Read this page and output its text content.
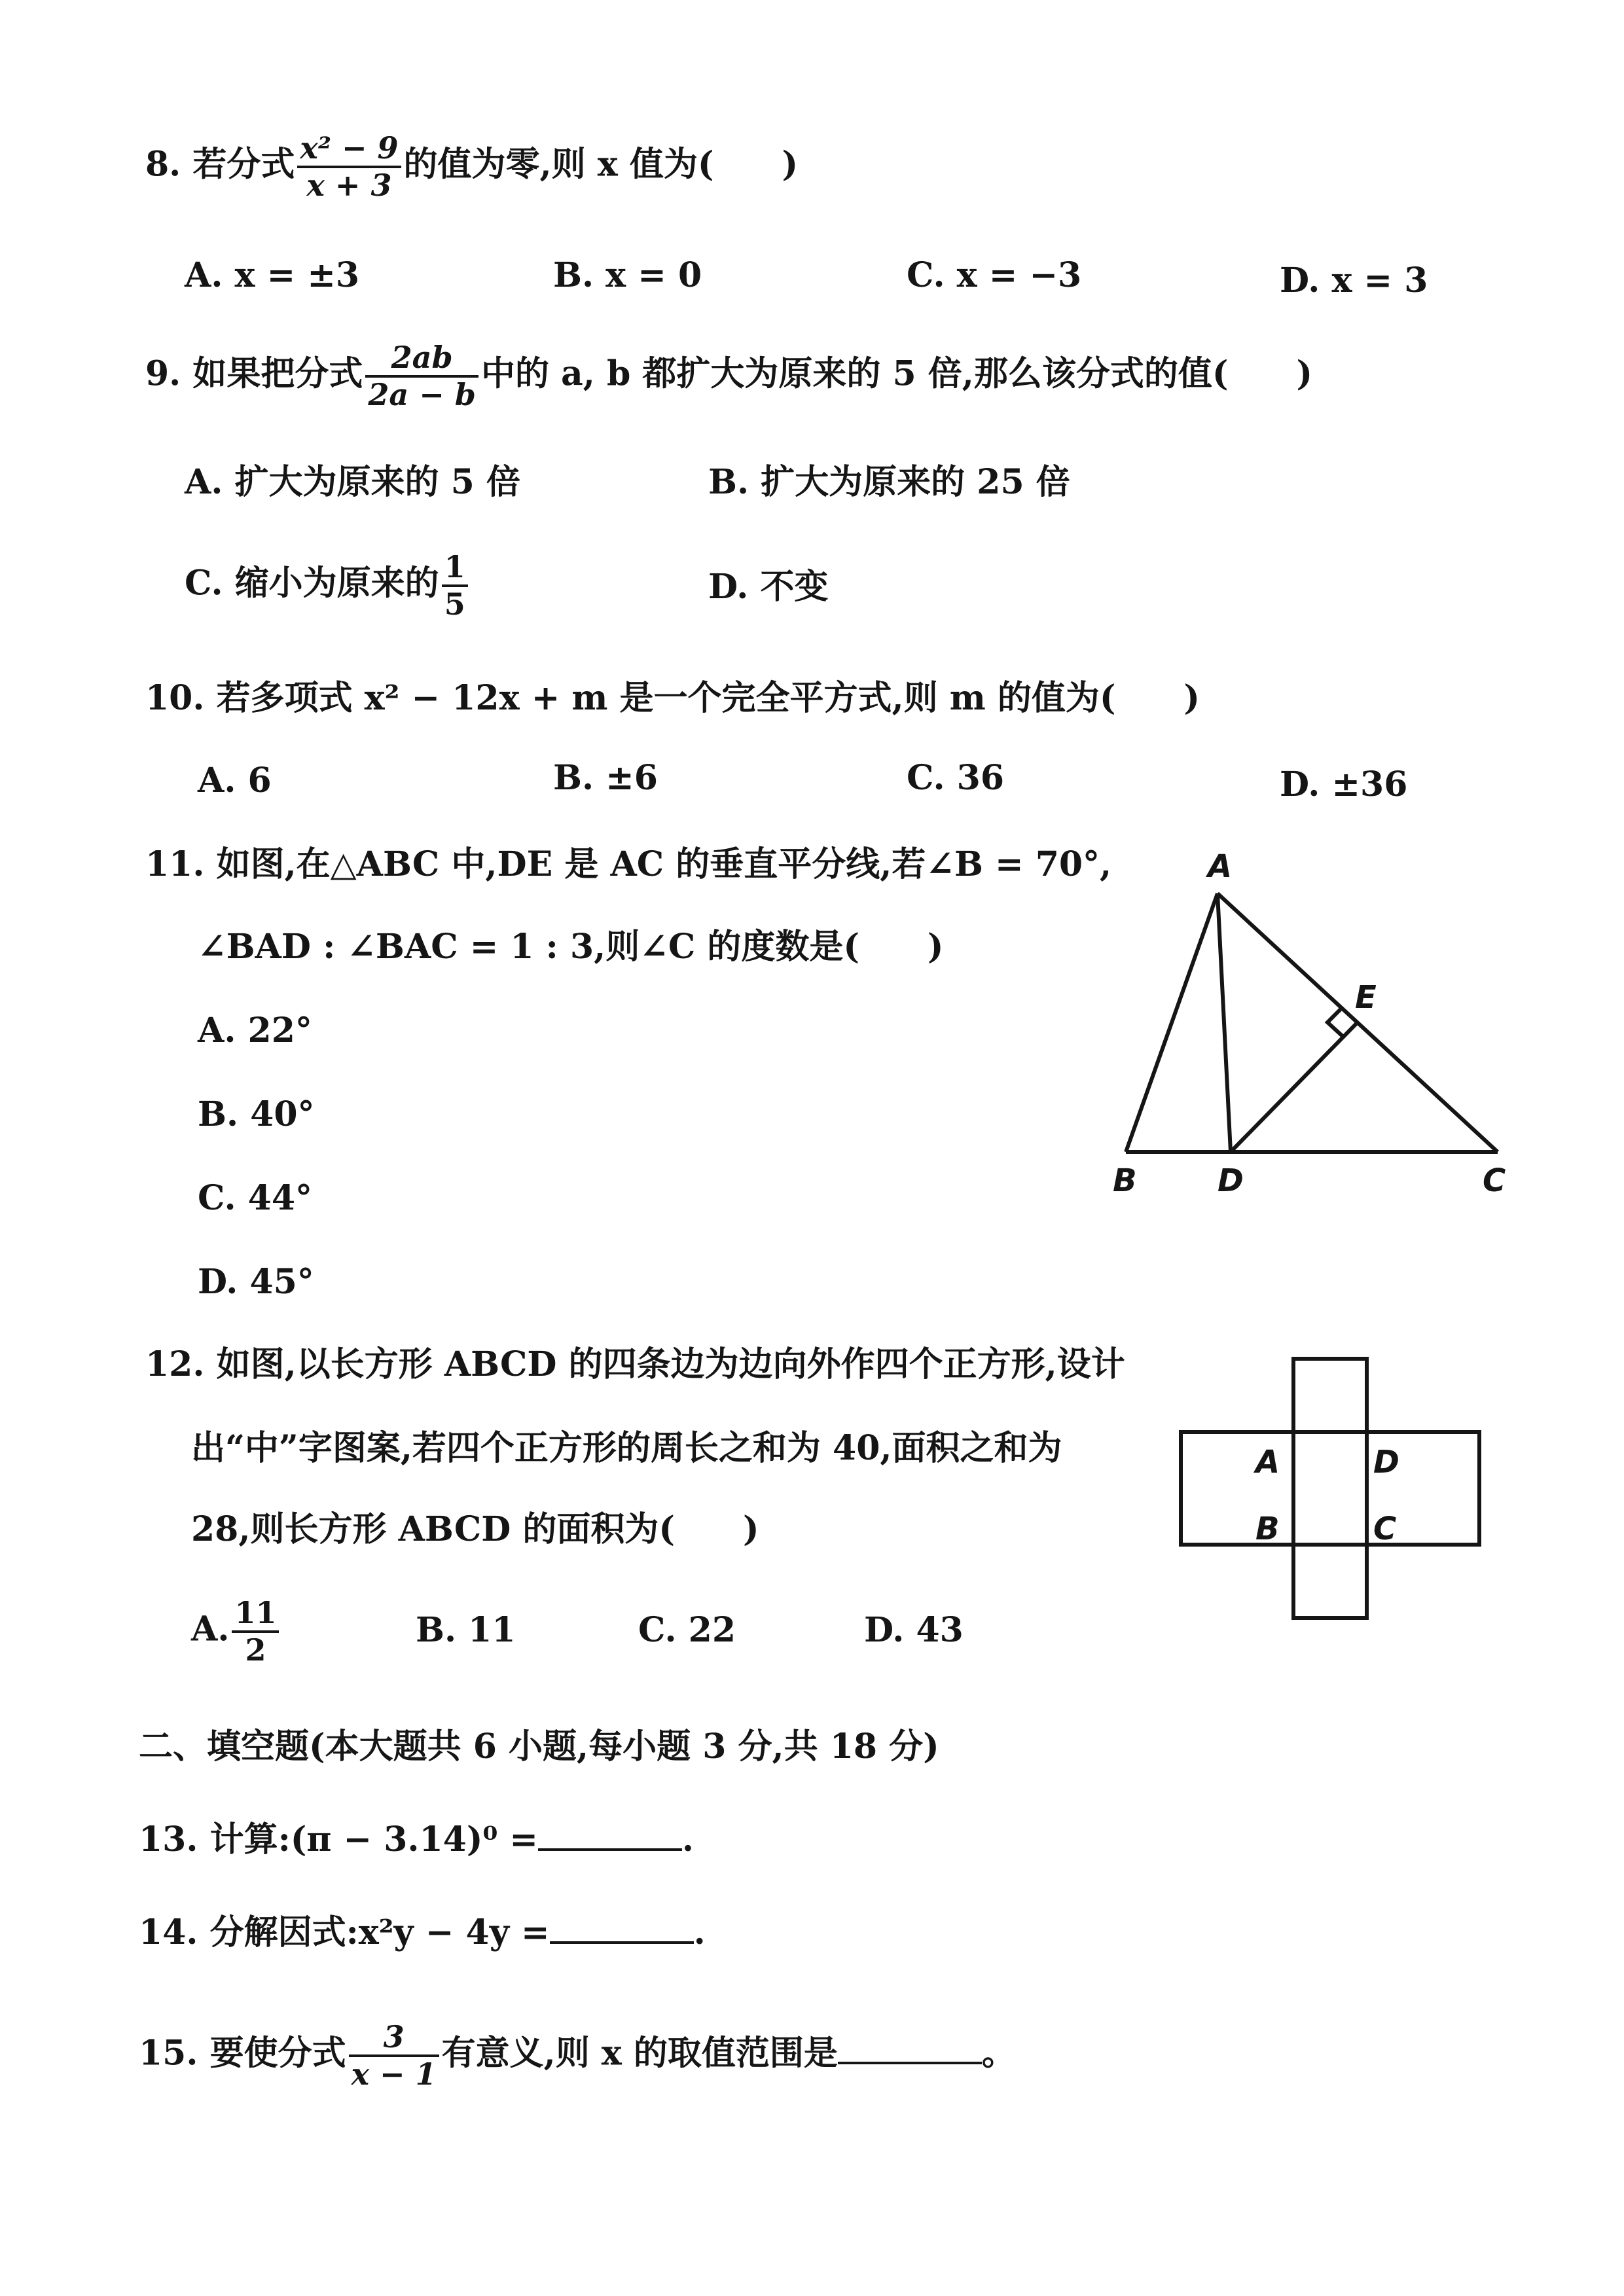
8. 若分式 $\frac{\text{x² − 9}}{x + 3}$ 的值为零,则 x 值为(　　)
A. x = ±3	B. x = 0	C. x = −3	D. x = 3
9. 如果把分式 $\frac{2ab}{2a - b}$ 中的 a, b 都扩大为原来的 5 倍,那么该分式的值(　　)
A. 扩大为原来的 5 倍	B. 扩大为原来的 25 倍
C. 缩小为原来的 $\frac{1}{5}$	D. 不变
10. 若多项式 x² − 12x + m 是一个完全平方式,则 m 的值为(　　)
A. 6	B. ±6	C. 36	D. ±36
11. 如图,在△ABC 中,DE 是 AC 的垂直平分线,若∠B = 70°,
∠BAD : ∠BAC = 1 : 3,则∠C 的度数是(　　)
A. 22°
B. 40°
C. 44°
D. 45°
A
B	D	C
E
12. 如图,以长方形 ABCD 的四条边为边向外作四个正方形,设计
出“中”字图案,若四个正方形的周长之和为 40,面积之和为
28,则长方形 ABCD 的面积为(　　)
A. $\frac{11}{2}$	B. 11	C. 22	D. 43
A	D
B	C
二、填空题(本大题共 6 小题,每小题 3 分,共 18 分)
13. 计算:(π − 3.14)⁰ =	.
14. 分解因式:x²y − 4y =	.
15. 要使分式 $\frac{3}{x - 1}$ 有意义,则 x 的取值范围是	。
